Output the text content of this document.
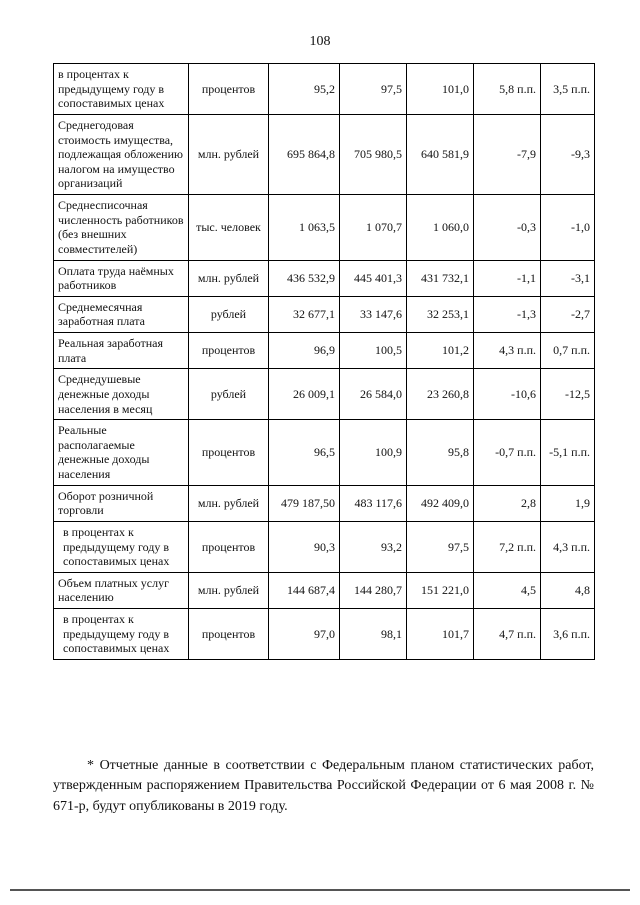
108
в процентах к предыдущему году в сопоставимых ценах	процентов	95,2	97,5	101,0	5,8 п.п.	3,5 п.п.
Среднегодовая стоимость имущества, подлежащая обложению налогом на имущество организаций	млн. рублей	695 864,8	705 980,5	640 581,9	-7,9	-9,3
Среднесписочная численность работников (без внешних совместителей)	тыс. человек	1 063,5	1 070,7	1 060,0	-0,3	-1,0
Оплата труда наёмных работников	млн. рублей	436 532,9	445 401,3	431 732,1	-1,1	-3,1
Среднемесячная заработная плата	рублей	32 677,1	33 147,6	32 253,1	-1,3	-2,7
Реальная заработная плата	процентов	96,9	100,5	101,2	4,3 п.п.	0,7 п.п.
Среднедушевые денежные доходы населения в месяц	рублей	26 009,1	26 584,0	23 260,8	-10,6	-12,5
Реальные располагаемые денежные доходы населения	процентов	96,5	100,9	95,8	-0,7 п.п.	-5,1 п.п.
Оборот розничной торговли	млн. рублей	479 187,50	483 117,6	492 409,0	2,8	1,9
в процентах к предыдущему году в сопоставимых ценах	процентов	90,3	93,2	97,5	7,2 п.п.	4,3 п.п.
Объем платных услуг населению	млн. рублей	144 687,4	144 280,7	151 221,0	4,5	4,8
в процентах к предыдущему году в сопоставимых ценах	процентов	97,0	98,1	101,7	4,7 п.п.	3,6 п.п.

* Отчетные данные в соответствии с Федеральным планом статистических работ, утвержденным распоряжением Правительства Российской Федерации от 6 мая 2008 г. № 671-р, будут опубликованы в 2019 году.
